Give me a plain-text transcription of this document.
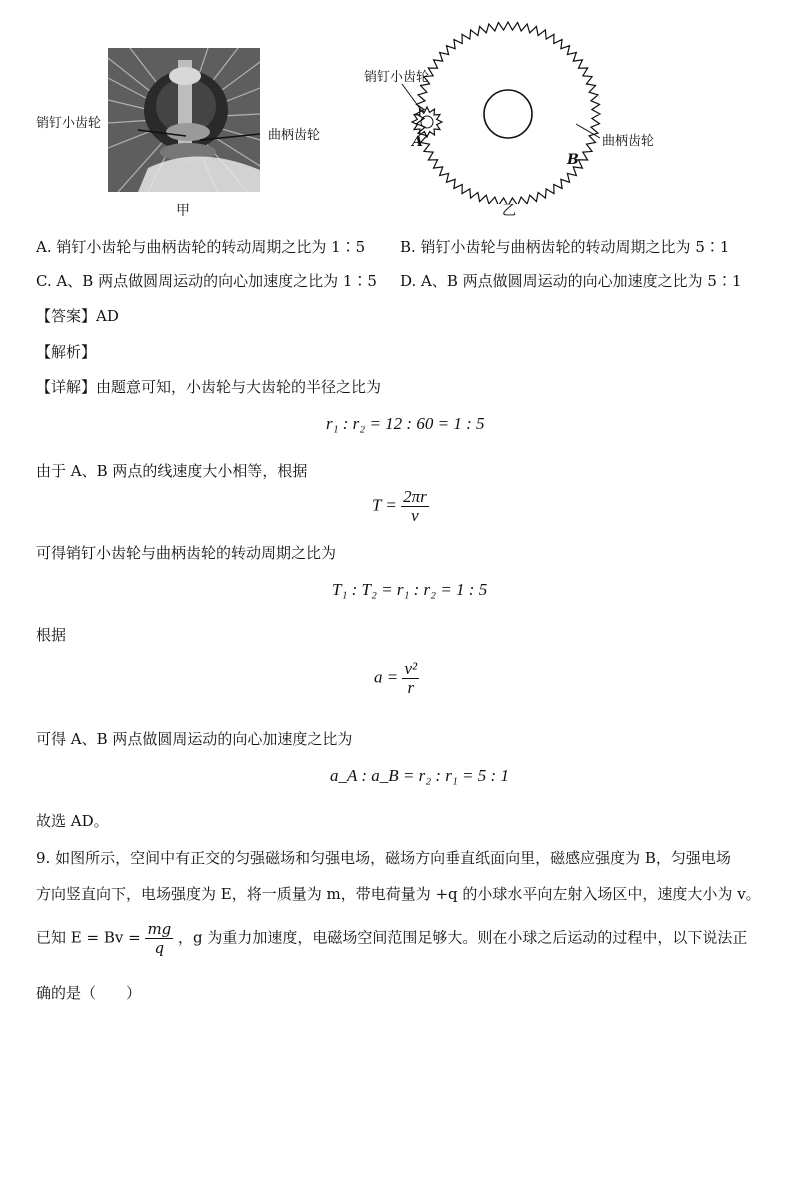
销钉小齿轮
曲柄齿轮
甲
销钉小齿轮
曲柄齿轮
A
B
乙
A. 销钉小齿轮与曲柄齿轮的转动周期之比为 1∶5 B. 销钉小齿轮与曲柄齿轮的转动周期之比为 5∶1
C. A、B 两点做圆周运动的向心加速度之比为 1∶5 D. A、B 两点做圆周运动的向心加速度之比为 5∶1
【答案】AD
【解析】
【详解】由题意可知，小齿轮与大齿轮的半径之比为
r₁ : r₂ = 12 : 60 = 1 : 5
由于 A、B 两点的线速度大小相等，根据
$T = \frac{2\pi r}{v}$
可得销钉小齿轮与曲柄齿轮的转动周期之比为
T₁ : T₂ = r₁ : r₂ = 1 : 5
根据
$a = \frac{\text{v²}}{r}$
可得 A、B 两点做圆周运动的向心加速度之比为
a_A : a_B = r₂ : r₁ = 5 : 1
故选 AD。
9. 如图所示，空间中有正交的匀强磁场和匀强电场，磁场方向垂直纸面向里，磁感应强度为 B，匀强电场
方向竖直向下，电场强度为 E，将一质量为 m，带电荷量为 +q 的小球水平向左射入场区中，速度大小为 v。
已知 $E = Bv = \frac{mg}{q}$ ，g 为重力加速度，电磁场空间范围足够大。则在小球之后运动的过程中，以下说法正
确的是（　　）
